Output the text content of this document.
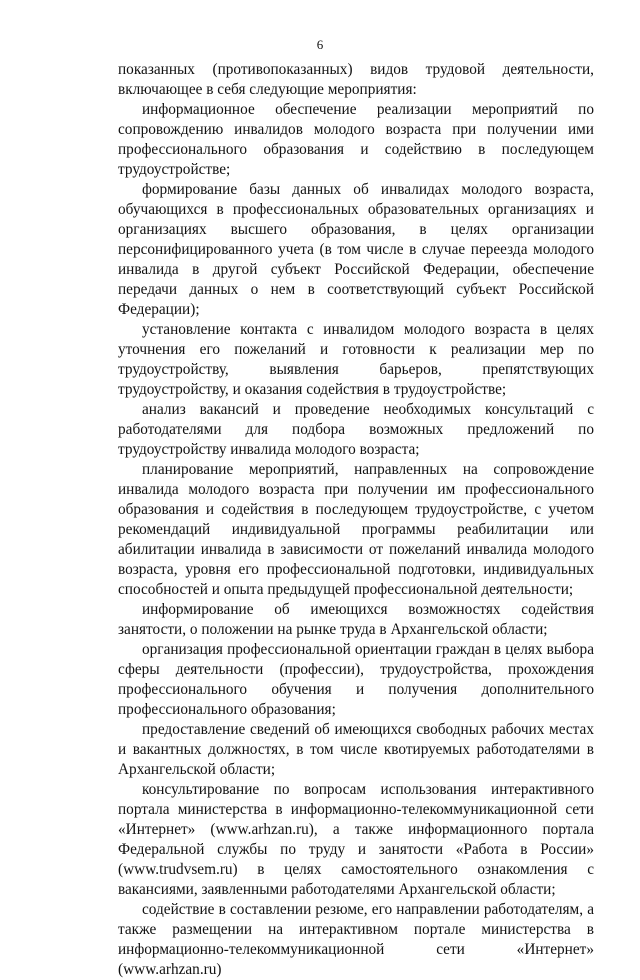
6

показанных (противопоказанных) видов трудовой деятельности, включающее в себя следующие мероприятия:

информационное обеспечение реализации мероприятий по сопровождению инвалидов молодого возраста при получении ими профессионального образования и содействию в последующем трудоустройстве;

формирование базы данных об инвалидах молодого возраста, обучающихся в профессиональных образовательных организациях и организациях высшего образования, в целях организации персонифицированного учета (в том числе в случае переезда молодого инвалида в другой субъект Российской Федерации, обеспечение передачи данных о нем в соответствующий субъект Российской Федерации);

установление контакта с инвалидом молодого возраста в целях уточнения его пожеланий и готовности к реализации мер по трудоустройству, выявления барьеров, препятствующих трудоустройству, и оказания содействия в трудоустройстве;

анализ вакансий и проведение необходимых консультаций с работодателями для подбора возможных предложений по трудоустройству инвалида молодого возраста;

планирование мероприятий, направленных на сопровождение инвалида молодого возраста при получении им профессионального образования и содействия в последующем трудоустройстве, с учетом рекомендаций индивидуальной программы реабилитации или абилитации инвалида в зависимости от пожеланий инвалида молодого возраста, уровня его профессиональной подготовки, индивидуальных способностей и опыта предыдущей профессиональной деятельности;

информирование об имеющихся возможностях содействия занятости, о положении на рынке труда в Архангельской области;

организация профессиональной ориентации граждан в целях выбора сферы деятельности (профессии), трудоустройства, прохождения профессионального обучения и получения дополнительного профессионального образования;

предоставление сведений об имеющихся свободных рабочих местах и вакантных должностях, в том числе квотируемых работодателями в Архангельской области;

консультирование по вопросам использования интерактивного портала министерства в информационно-телекоммуникационной сети «Интернет» (www.arhzan.ru), а также информационного портала Федеральной службы по труду и занятости «Работа в России» (www.trudvsem.ru) в целях самостоятельного ознакомления с вакансиями, заявленными работодателями Архангельской области;

содействие в составлении резюме, его направлении работодателям, а также размещении на интерактивном портале министерства в информационно-телекоммуникационной сети «Интернет» (www.arhzan.ru)
